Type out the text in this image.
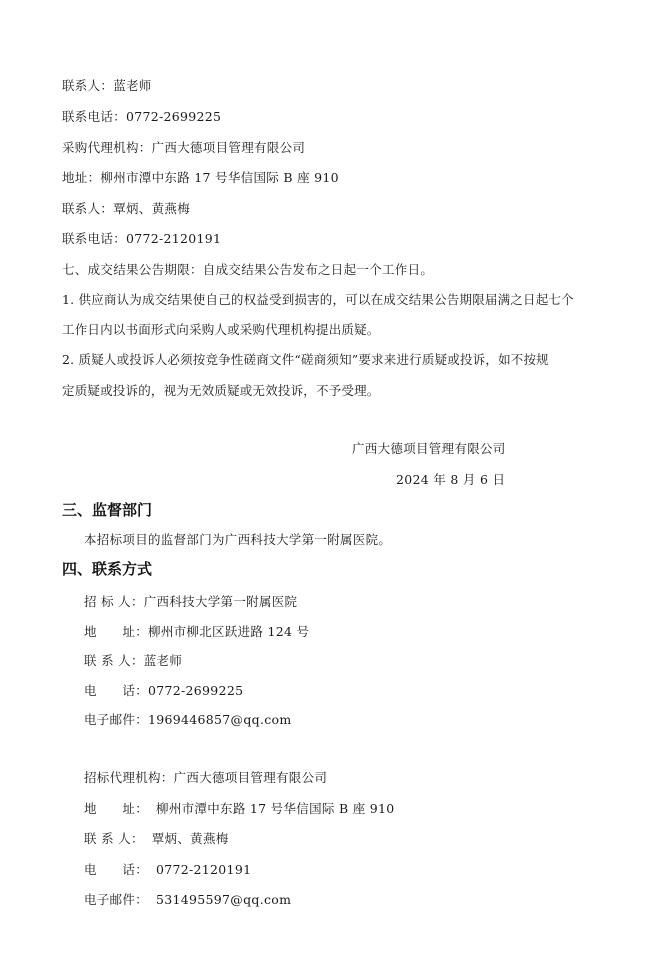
联系人：蓝老师
联系电话：0772-2699225
采购代理机构：广西大德项目管理有限公司
地址：柳州市潭中东路 17 号华信国际 B 座 910
联系人：覃炳、黄燕梅
联系电话：0772-2120191
七、成交结果公告期限：自成交结果公告发布之日起一个工作日。
1. 供应商认为成交结果使自己的权益受到损害的，可以在成交结果公告期限届满之日起七个
工作日内以书面形式向采购人或采购代理机构提出质疑。
2. 质疑人或投诉人必须按竞争性磋商文件“磋商须知”要求来进行质疑或投诉，如不按规
定质疑或投诉的，视为无效质疑或无效投诉，不予受理。
广西大德项目管理有限公司
2024 年 8 月 6 日
三、监督部门
本招标项目的监督部门为广西科技大学第一附属医院。
四、联系方式
招 标 人：广西科技大学第一附属医院
地　　址：柳州市柳北区跃进路 124 号
联 系 人：蓝老师
电　　话：0772-2699225
电子邮件：1969446857@qq.com
招标代理机构：广西大德项目管理有限公司
地　　址： 柳州市潭中东路 17 号华信国际 B 座 910
联 系 人： 覃炳、黄燕梅
电　　话： 0772-2120191
电子邮件： 531495597@qq.com
